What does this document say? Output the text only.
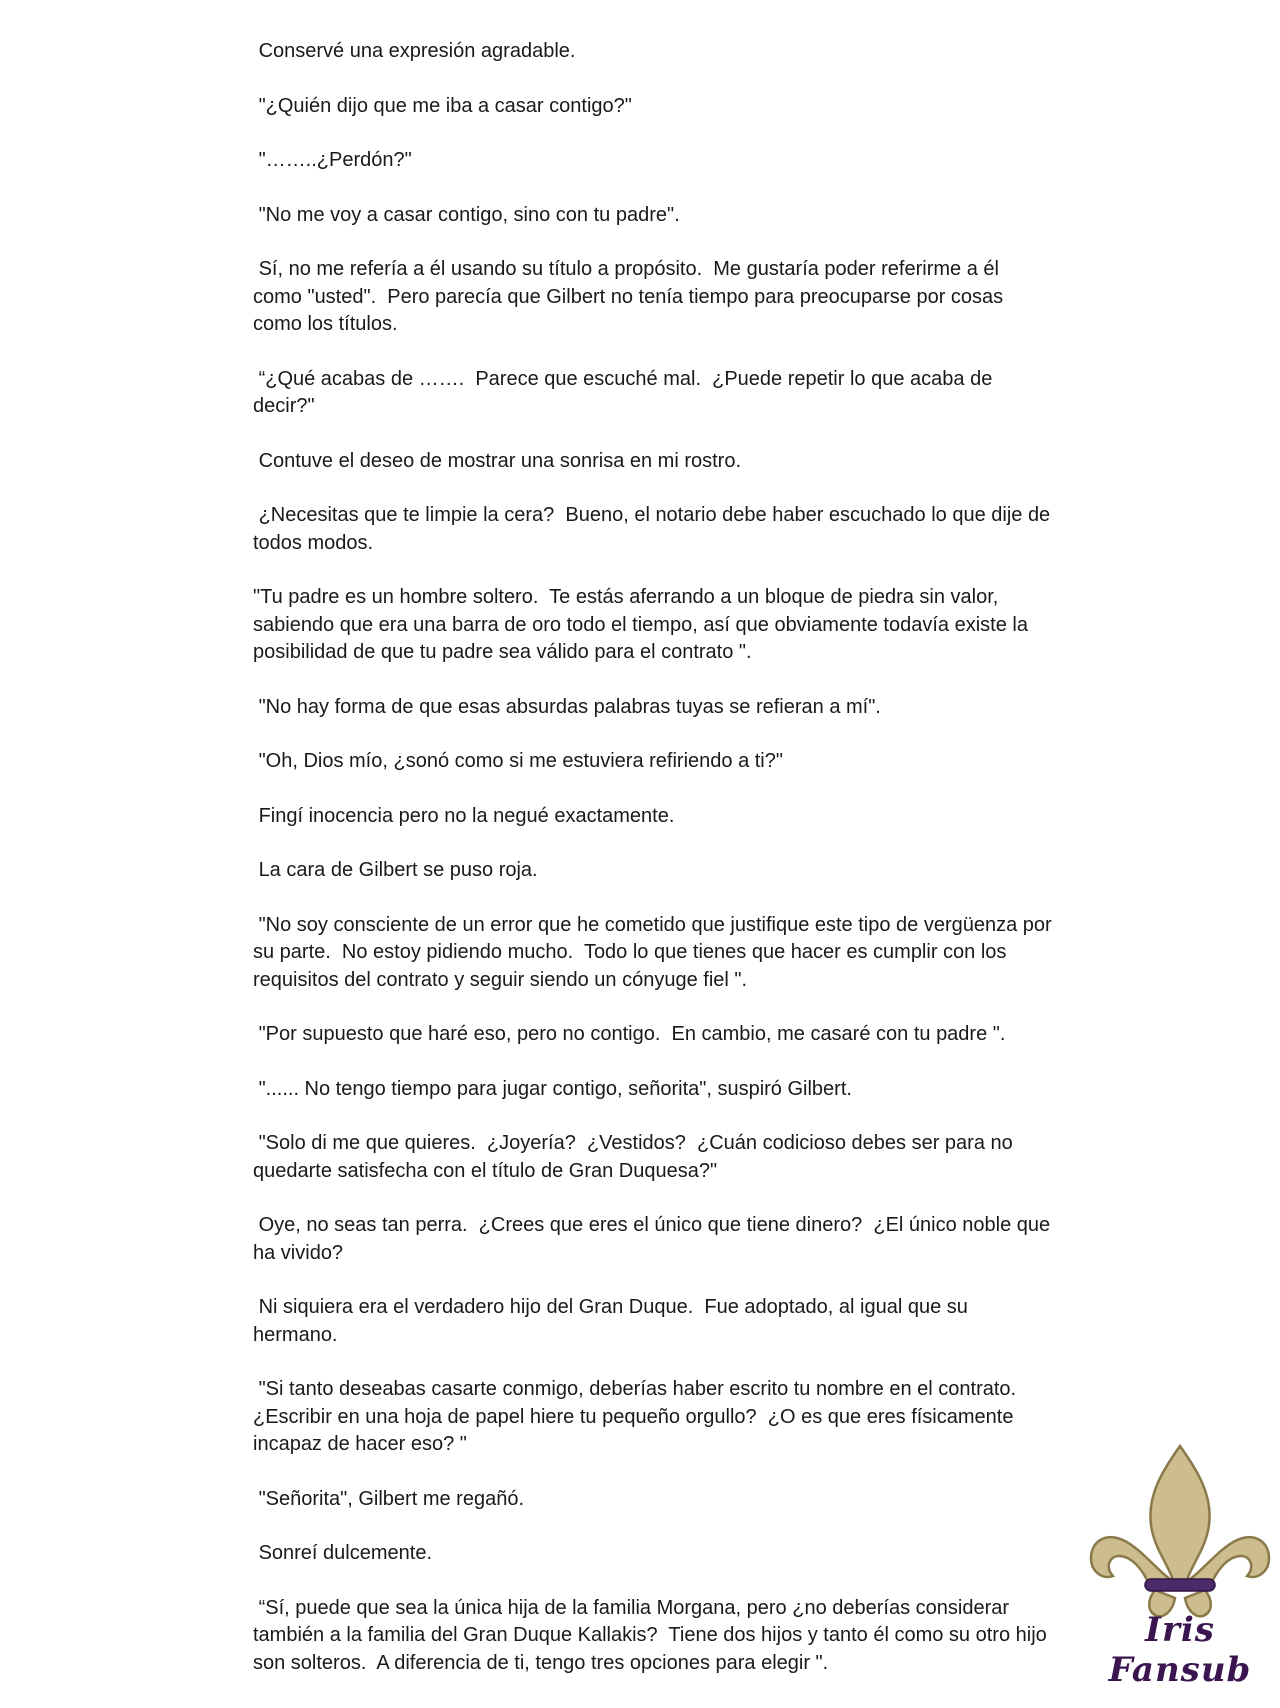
Conservé una expresión agradable.

"¿Quién dijo que me iba a casar contigo?"

"……..¿Perdón?"

"No me voy a casar contigo, sino con tu padre".

Sí, no me refería a él usando su título a propósito.  Me gustaría poder referirme a él como "usted".  Pero parecía que Gilbert no tenía tiempo para preocuparse por cosas como los títulos.

“¿Qué acabas de …….  Parece que escuché mal.  ¿Puede repetir lo que acaba de decir?"

Contuve el deseo de mostrar una sonrisa en mi rostro.

¿Necesitas que te limpie la cera?  Bueno, el notario debe haber escuchado lo que dije de todos modos.

"Tu padre es un hombre soltero.  Te estás aferrando a un bloque de piedra sin valor, sabiendo que era una barra de oro todo el tiempo, así que obviamente todavía existe la posibilidad de que tu padre sea válido para el contrato ".

"No hay forma de que esas absurdas palabras tuyas se refieran a mí".

"Oh, Dios mío, ¿sonó como si me estuviera refiriendo a ti?"

Fingí inocencia pero no la negué exactamente.

La cara de Gilbert se puso roja.

"No soy consciente de un error que he cometido que justifique este tipo de vergüenza por su parte.  No estoy pidiendo mucho.  Todo lo que tienes que hacer es cumplir con los requisitos del contrato y seguir siendo un cónyuge fiel ".

"Por supuesto que haré eso, pero no contigo.  En cambio, me casaré con tu padre ".

"...... No tengo tiempo para jugar contigo, señorita", suspiró Gilbert.

"Solo di me que quieres.  ¿Joyería?  ¿Vestidos?  ¿Cuán codicioso debes ser para no quedarte satisfecha con el título de Gran Duquesa?"

Oye, no seas tan perra.  ¿Crees que eres el único que tiene dinero?  ¿El único noble que ha vivido?

Ni siquiera era el verdadero hijo del Gran Duque.  Fue adoptado, al igual que su hermano.

"Si tanto deseabas casarte conmigo, deberías haber escrito tu nombre en el contrato.  ¿Escribir en una hoja de papel hiere tu pequeño orgullo?  ¿O es que eres físicamente incapaz de hacer eso? "

"Señorita", Gilbert me regañó.

Sonreí dulcemente.

“Sí, puede que sea la única hija de la familia Morgana, pero ¿no deberías considerar también a la familia del Gran Duque Kallakis?  Tiene dos hijos y tanto él como su otro hijo son solteros.  A diferencia de ti, tengo tres opciones para elegir ".

Iris Fansub
